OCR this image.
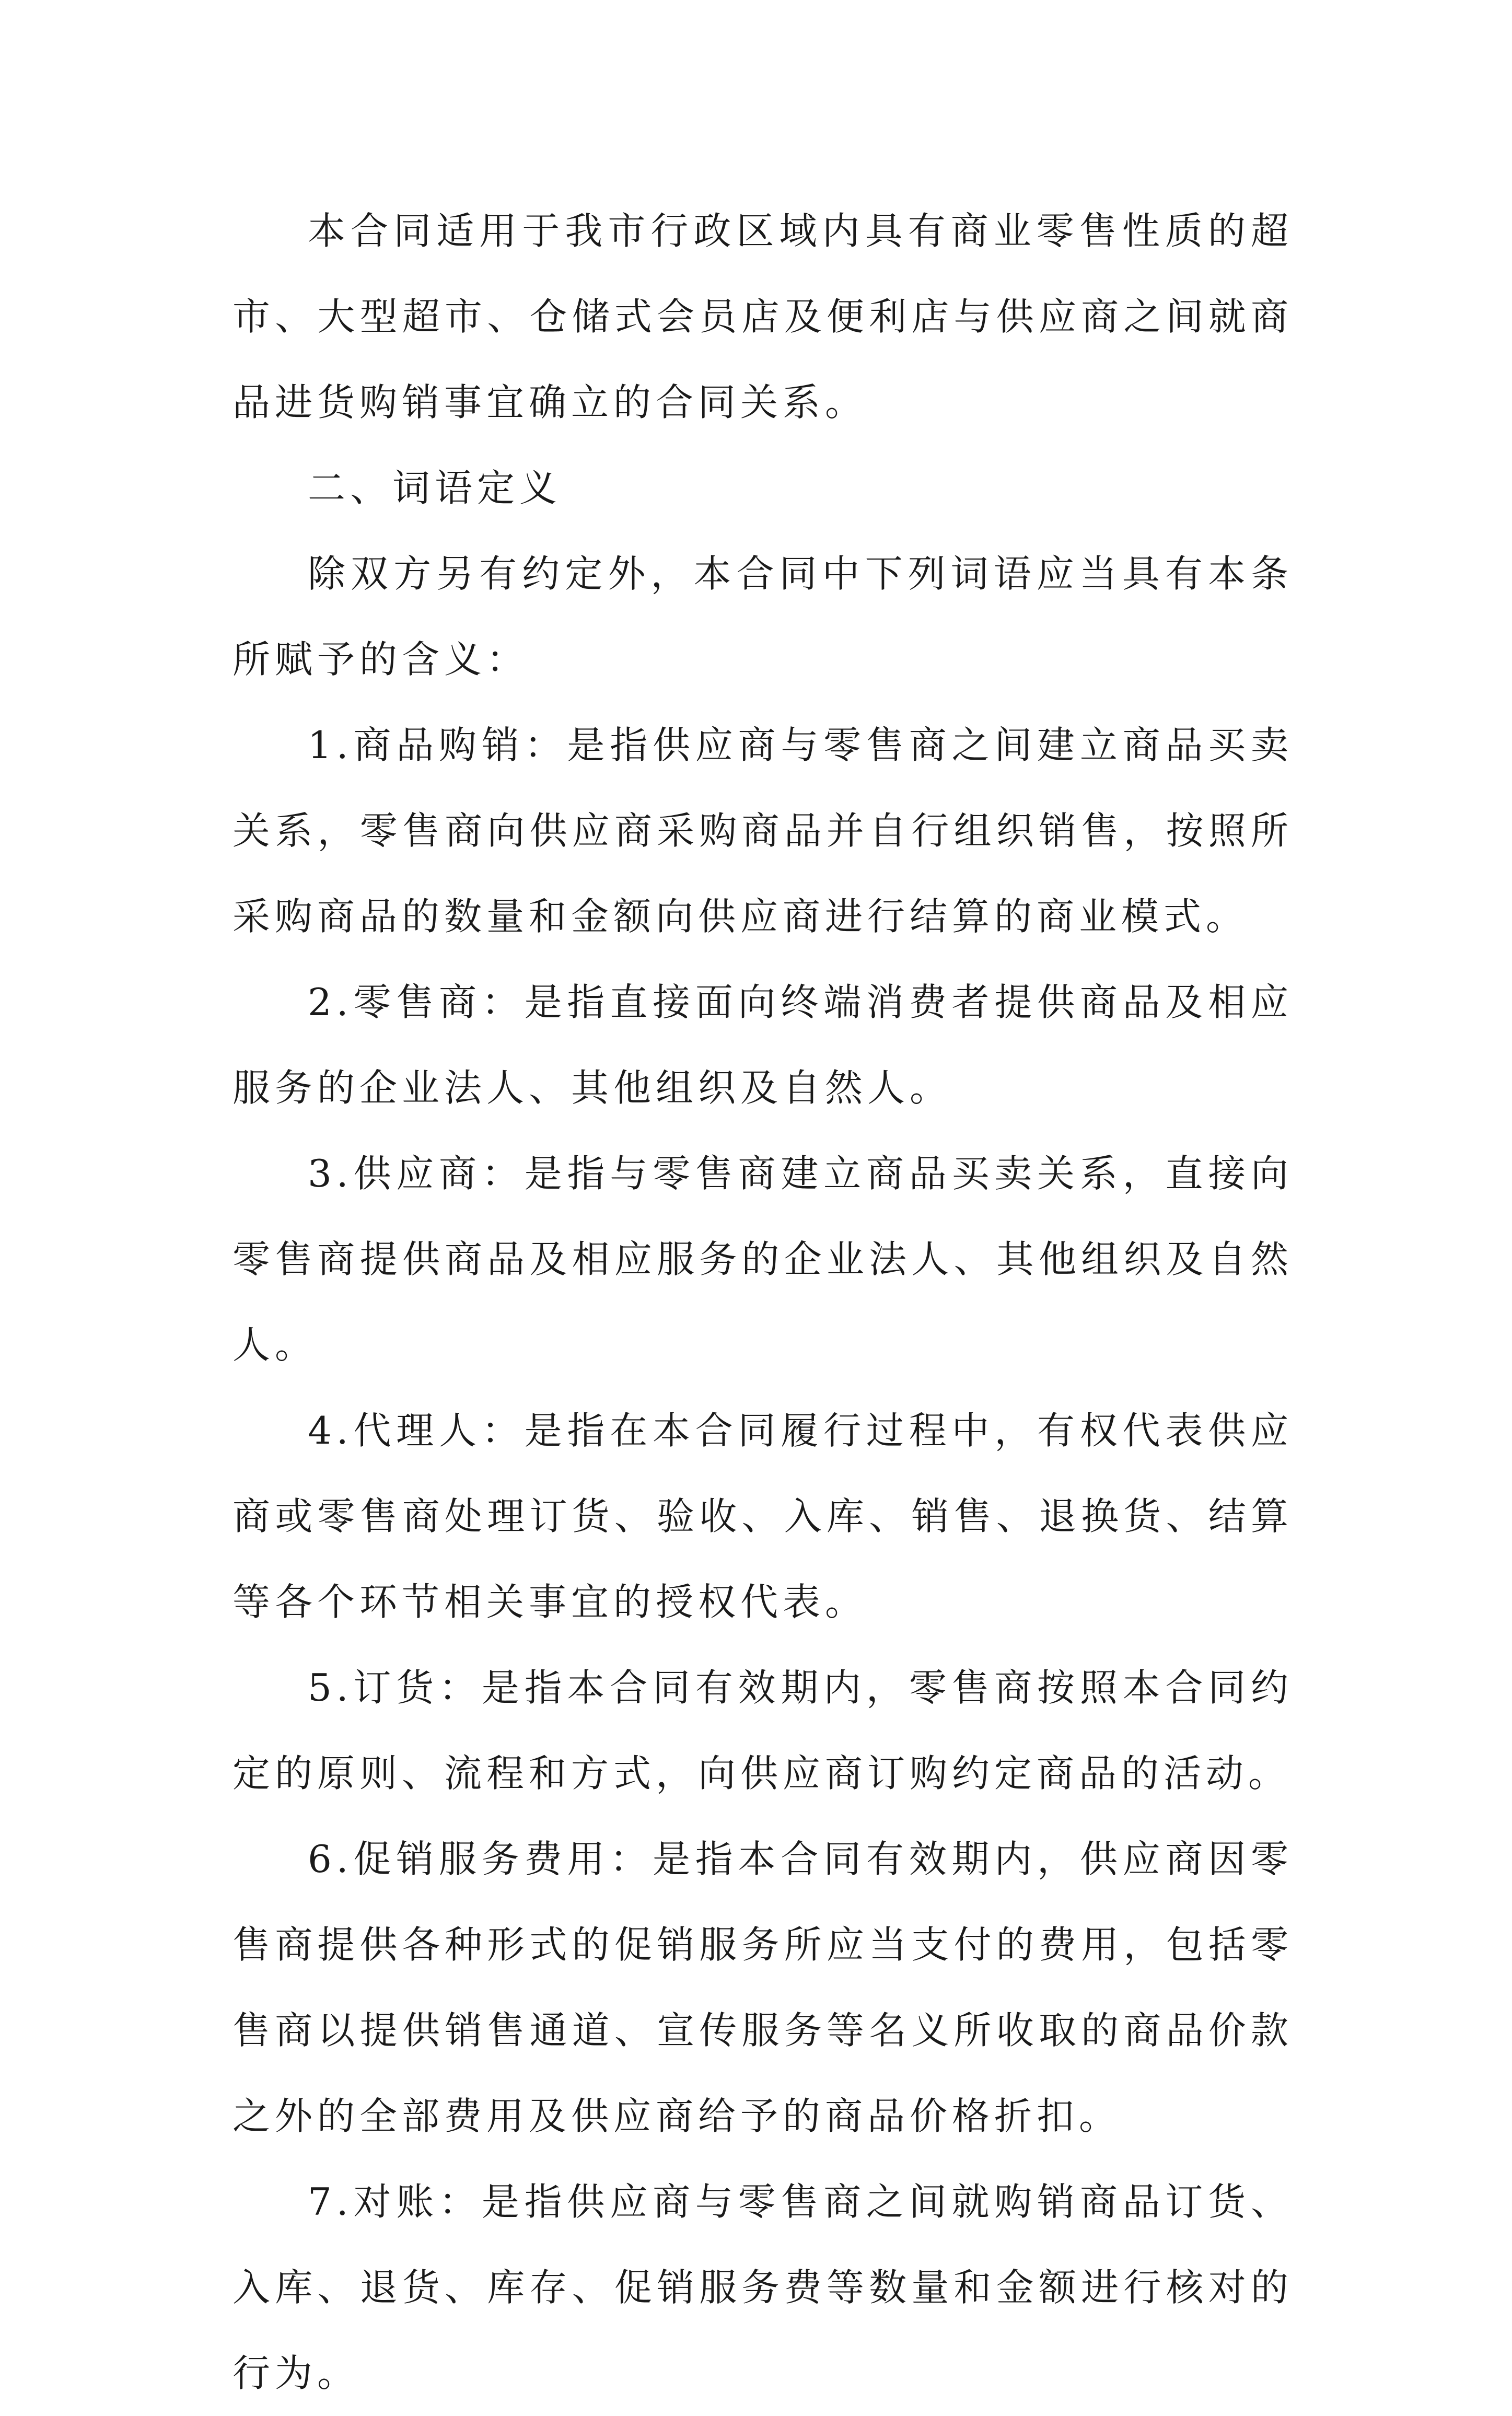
本合同适用于我市行政区域内具有商业零售性质的超市、大型超市、仓储式会员店及便利店与供应商之间就商品进货购销事宜确立的合同关系。

二、词语定义

除双方另有约定外，本合同中下列词语应当具有本条所赋予的含义：

1.商品购销：是指供应商与零售商之间建立商品买卖关系，零售商向供应商采购商品并自行组织销售，按照所采购商品的数量和金额向供应商进行结算的商业模式。

2.零售商：是指直接面向终端消费者提供商品及相应服务的企业法人、其他组织及自然人。

3.供应商：是指与零售商建立商品买卖关系，直接向零售商提供商品及相应服务的企业法人、其他组织及自然人。

4.代理人：是指在本合同履行过程中，有权代表供应商或零售商处理订货、验收、入库、销售、退换货、结算等各个环节相关事宜的授权代表。

5.订货：是指本合同有效期内，零售商按照本合同约定的原则、流程和方式，向供应商订购约定商品的活动。

6.促销服务费用：是指本合同有效期内，供应商因零售商提供各种形式的促销服务所应当支付的费用，包括零售商以提供销售通道、宣传服务等名义所收取的商品价款之外的全部费用及供应商给予的商品价格折扣。

7.对账：是指供应商与零售商之间就购销商品订货、入库、退货、库存、促销服务费等数量和金额进行核对的行为。
